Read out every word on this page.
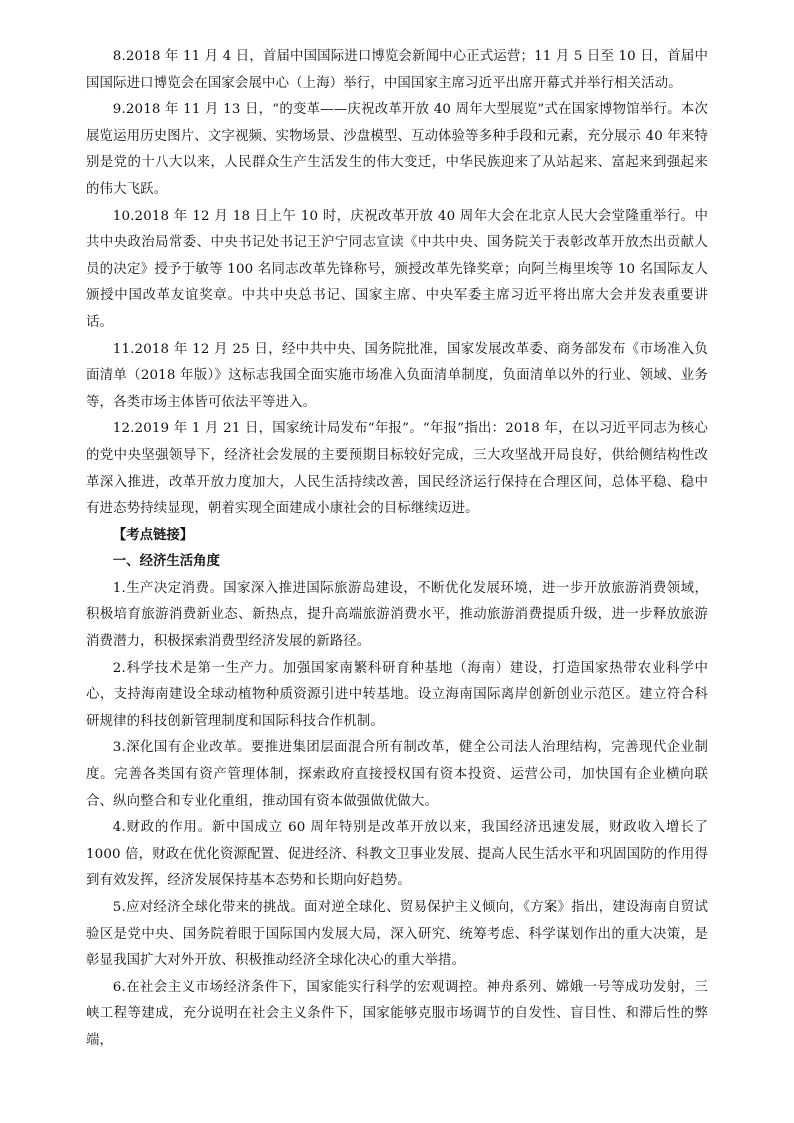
8.2018 年 11 月 4 日，首届中国国际进口博览会新闻中心正式运营；11 月 5 日至 10 日，首届中国国际进口博览会在国家会展中心（上海）举行，中国国家主席习近平出席开幕式并举行相关活动。

9.2018 年 11 月 13 日，“的变革——庆祝改革开放 40 周年大型展览”式在国家博物馆举行。本次展览运用历史图片、文字视频、实物场景、沙盘模型、互动体验等多种手段和元素，充分展示 40 年来特别是党的十八大以来，人民群众生产生活发生的伟大变迁，中华民族迎来了从站起来、富起来到强起来的伟大飞跃。

10.2018 年 12 月 18 日上午 10 时，庆祝改革开放 40 周年大会在北京人民大会堂隆重举行。中共中央政治局常委、中央书记处书记王沪宁同志宣读《中共中央、国务院关于表彰改革开放杰出贡献人员的决定》授予于敏等 100 名同志改革先锋称号，颁授改革先锋奖章；向阿兰梅里埃等 10 名国际友人颁授中国改革友谊奖章。中共中央总书记、国家主席、中央军委主席习近平将出席大会并发表重要讲话。

11.2018 年 12 月 25 日，经中共中央、国务院批准，国家发展改革委、商务部发布《市场准入负面清单（2018 年版）》这标志我国全面实施市场准入负面清单制度，负面清单以外的行业、领域、业务等，各类市场主体皆可依法平等进入。

12.2019 年 1 月 21 日，国家统计局发布“年报”。“年报”指出：2018 年，在以习近平同志为核心的党中央坚强领导下，经济社会发展的主要预期目标较好完成，三大攻坚战开局良好，供给侧结构性改革深入推进，改革开放力度加大，人民生活持续改善，国民经济运行保持在合理区间，总体平稳、稳中有进态势持续显现，朝着实现全面建成小康社会的目标继续迈进。

【考点链接】

一、经济生活角度

1.生产决定消费。国家深入推进国际旅游岛建设，不断优化发展环境，进一步开放旅游消费领域，积极培育旅游消费新业态、新热点，提升高端旅游消费水平，推动旅游消费提质升级，进一步释放旅游消费潜力，积极探索消费型经济发展的新路径。

2.科学技术是第一生产力。加强国家南繁科研育种基地（海南）建设，打造国家热带农业科学中心，支持海南建设全球动植物种质资源引进中转基地。设立海南国际离岸创新创业示范区。建立符合科研规律的科技创新管理制度和国际科技合作机制。

3.深化国有企业改革。要推进集团层面混合所有制改革，健全公司法人治理结构，完善现代企业制度。完善各类国有资产管理体制，探索政府直接授权国有资本投资、运营公司，加快国有企业横向联合、纵向整合和专业化重组，推动国有资本做强做优做大。

4.财政的作用。新中国成立 60 周年特别是改革开放以来，我国经济迅速发展，财政收入增长了 1000 倍，财政在优化资源配置、促进经济、科教文卫事业发展、提高人民生活水平和巩固国防的作用得到有效发挥，经济发展保持基本态势和长期向好趋势。

5.应对经济全球化带来的挑战。面对逆全球化、贸易保护主义倾向，《方案》指出，建设海南自贸试验区是党中央、国务院着眼于国际国内发展大局，深入研究、统筹考虑、科学谋划作出的重大决策，是彰显我国扩大对外开放、积极推动经济全球化决心的重大举措。

6.在社会主义市场经济条件下，国家能实行科学的宏观调控。神舟系列、嫦娥一号等成功发射，三峡工程等建成，充分说明在社会主义条件下，国家能够克服市场调节的自发性、盲目性、和滞后性的弊端，
